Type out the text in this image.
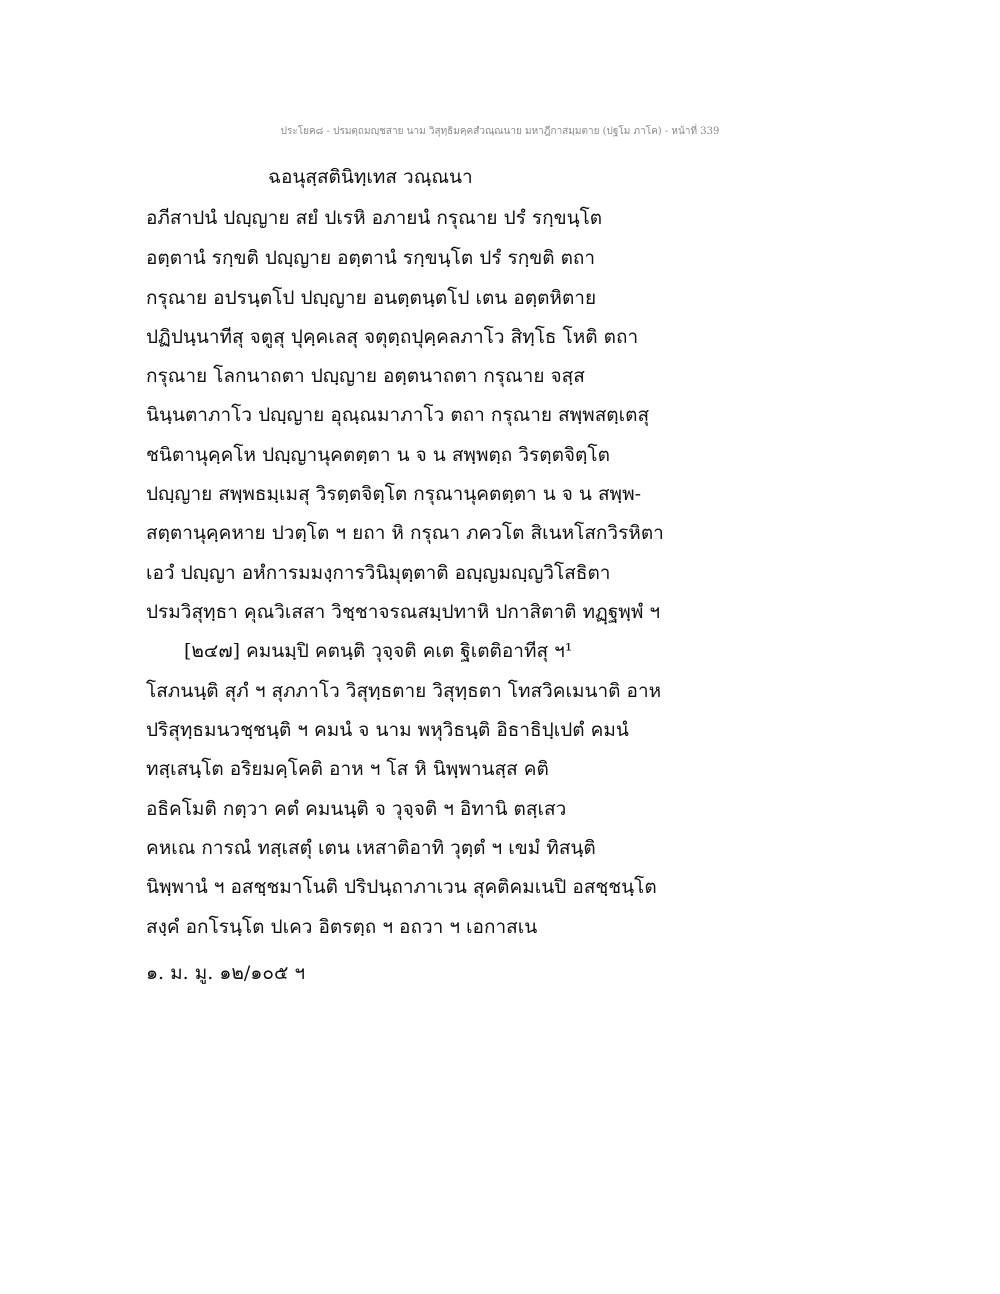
ประโยค๘ - ปรมตฺถมญฺชสาย นาม วิสุทฺธิมคฺคสํวณฺณนาย มหาฎีกาสมฺมตาย (ปฐโม ภาโค) - หน้าที่ 339
ฉอนุสฺสตินิทฺเทส วณฺณนา
อภีสาปนํ ปญฺญาย สยํ ปเรหิ อภายนํ กรุณาย ปรํ รกฺขนฺโต
อตฺตานํ รกฺขติ ปญฺญาย อตฺตานํ รกฺขนฺโต ปรํ รกฺขติ ตถา
กรุณาย อปรนฺตโป ปญฺญาย อนตฺตนฺตโป เตน อตฺตหิตาย
ปฏิปนฺนาทีสุ จตูสุ ปุคฺคเลสุ จตุตฺถปุคฺคลภาโว สิทฺโธ โหติ ตถา
กรุณาย โลกนาถตา ปญฺญาย อตฺตนาถตา กรุณาย จสฺส
นินฺนตาภาโว ปญฺญาย อุณฺณมาภาโว ตถา กรุณาย สพฺพสตฺเตสุ
ชนิตานุคฺคโห ปญฺญานุคตตฺตา น จ น สพฺพตฺถ วิรตฺตจิตฺโต
ปญฺญาย สพฺพธมฺเมสุ วิรตฺตจิตฺโต กรุณานุคตตฺตา น จ น สพฺพ-
สตฺตานุคฺคหาย ปวตฺโต ฯ ยถา หิ กรุณา ภควโต สิเนหโสกวิรหิตา
เอวํ ปญฺญา อหํการมมงฺการวินิมุตฺตาติ อญฺญมญฺญวิโสธิตา
ปรมวิสุทฺธา คุณวิเสสา วิชฺชาจรณสมฺปทาหิ ปกาสิตาติ ทฏฺฐพฺพํ ฯ
[๒๔๗] คมนมฺปิ คตนฺติ วุจฺจติ คเต ฐิเตติอาทีสุ ฯ¹
โสภนนฺติ สุภํ ฯ สุภภาโว วิสุทฺธตาย วิสุทฺธตา โทสวิคเมนาติ อาห
ปริสุทฺธมนวชฺชนฺติ ฯ คมนํ จ นาม พหุวิธนฺติ อิธาธิปฺเปตํ คมนํ
ทสฺเสนฺโต อริยมคฺโคติ อาห ฯ โส หิ นิพฺพานสฺส คติ
อธิคโมติ กตฺวา คตํ คมนนฺติ จ วุจฺจติ ฯ อิทานิ ตสฺเสว
คหเณ การณํ ทสฺเสตุํ เตน เหสาติอาทิ วุตฺตํ ฯ เขมํ ทิสนฺติ
นิพฺพานํ ฯ อสชฺชมาโนติ ปริปนฺถาภาเวน สุคติคมเนปิ อสชฺชนฺโต
สงฺคํ อกโรนฺโต ปเคว อิตรตฺถ ฯ อถวา ฯ เอกาสเน
๑. ม. มู. ๑๒/๑๐๕ ฯ
